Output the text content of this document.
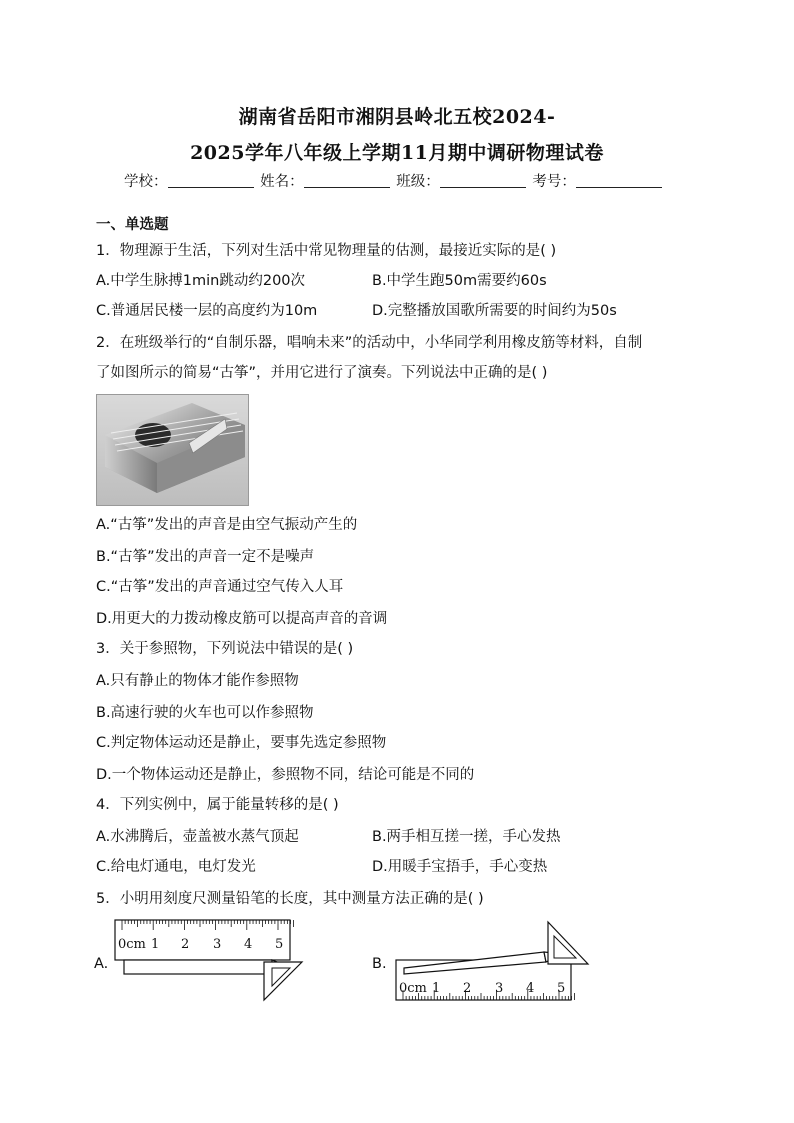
湖南省岳阳市湘阴县岭北五校2024-
2025学年八年级上学期11月期中调研物理试卷
学校：	姓名：	班级：	考号：
一、单选题
1．物理源于生活，下列对生活中常见物理量的估测，最接近实际的是( )
A.中学生脉搏1min跳动约200次	B.中学生跑50m需要约60s
C.普通居民楼一层的高度约为10m	D.完整播放国歌所需要的时间约为50s
2．在班级举行的“自制乐器，唱响未来”的活动中，小华同学利用橡皮筋等材料，自制
了如图所示的简易“古筝”，并用它进行了演奏。下列说法中正确的是( )
A.“古筝”发出的声音是由空气振动产生的
B.“古筝”发出的声音一定不是噪声
C.“古筝”发出的声音通过空气传入人耳
D.用更大的力拨动橡皮筋可以提高声音的音调
3．关于参照物，下列说法中错误的是( )
A.只有静止的物体才能作参照物
B.高速行驶的火车也可以作参照物
C.判定物体运动还是静止，要事先选定参照物
D.一个物体运动还是静止，参照物不同，结论可能是不同的
4．下列实例中，属于能量转移的是( )
A.水沸腾后，壶盖被水蒸气顶起	B.两手相互搓一搓，手心发热
C.给电灯通电，电灯发光	D.用暖手宝捂手，手心变热
5．小明用刻度尺测量铅笔的长度，其中测量方法正确的是( )
A.	B.
0cm 1 2 3 4 5
0cm 1 2 3 4 5
